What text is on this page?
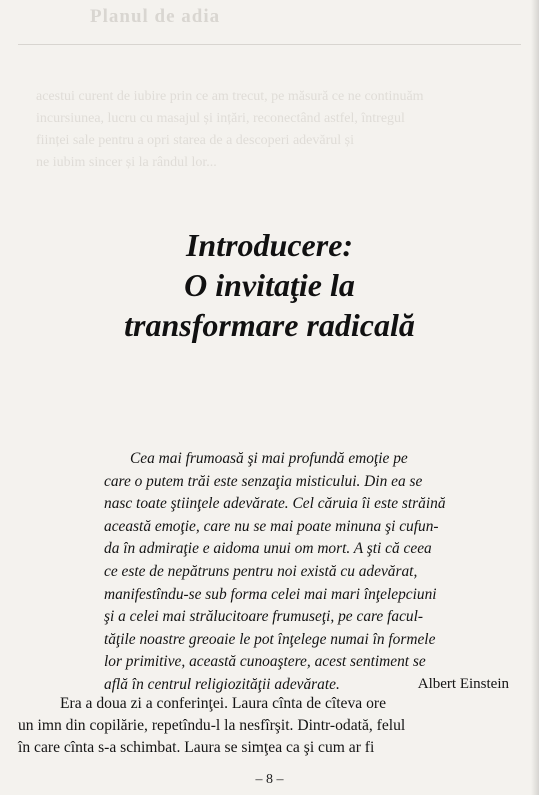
Planul de adia
acestui curent de iubire prin ce am trecut, pe măsură ce ne continuăm
incursiunea, lucru cu masajul și ințări, reconectând astfel, întregul
ființei sale pentru a opri starea de a descoperi adevărul și
ne iubim sincer și la rândul lor...
Introducere:
O invitaţie la
transformare radicală
Cea mai frumoasă şi mai profundă emoţie pe
care o putem trăi este senzaţia misticului. Din ea se
nasc toate ştiinţele adevărate. Cel căruia îi este străină
această emoţie, care nu se mai poate minuna şi cufun-
da în admiraţie e aidoma unui om mort. A şti că ceea
ce este de nepătruns pentru noi există cu adevărat,
manifestîndu-se sub forma celei mai mari înţelepciuni
şi a celei mai strălucitoare frumuseţi, pe care facul-
tăţile noastre greoaie le pot înţelege numai în formele
lor primitive, această cunoaştere, acest sentiment se
află în centrul religiozităţii adevărate.	Albert Einstein
Era a doua zi a conferinţei. Laura cînta de cîteva ore
un imn din copilărie, repetîndu-l la nesfîrşit. Dintr-odată, felul
în care cînta s-a schimbat. Laura se simţea ca şi cum ar fi
– 8 –
